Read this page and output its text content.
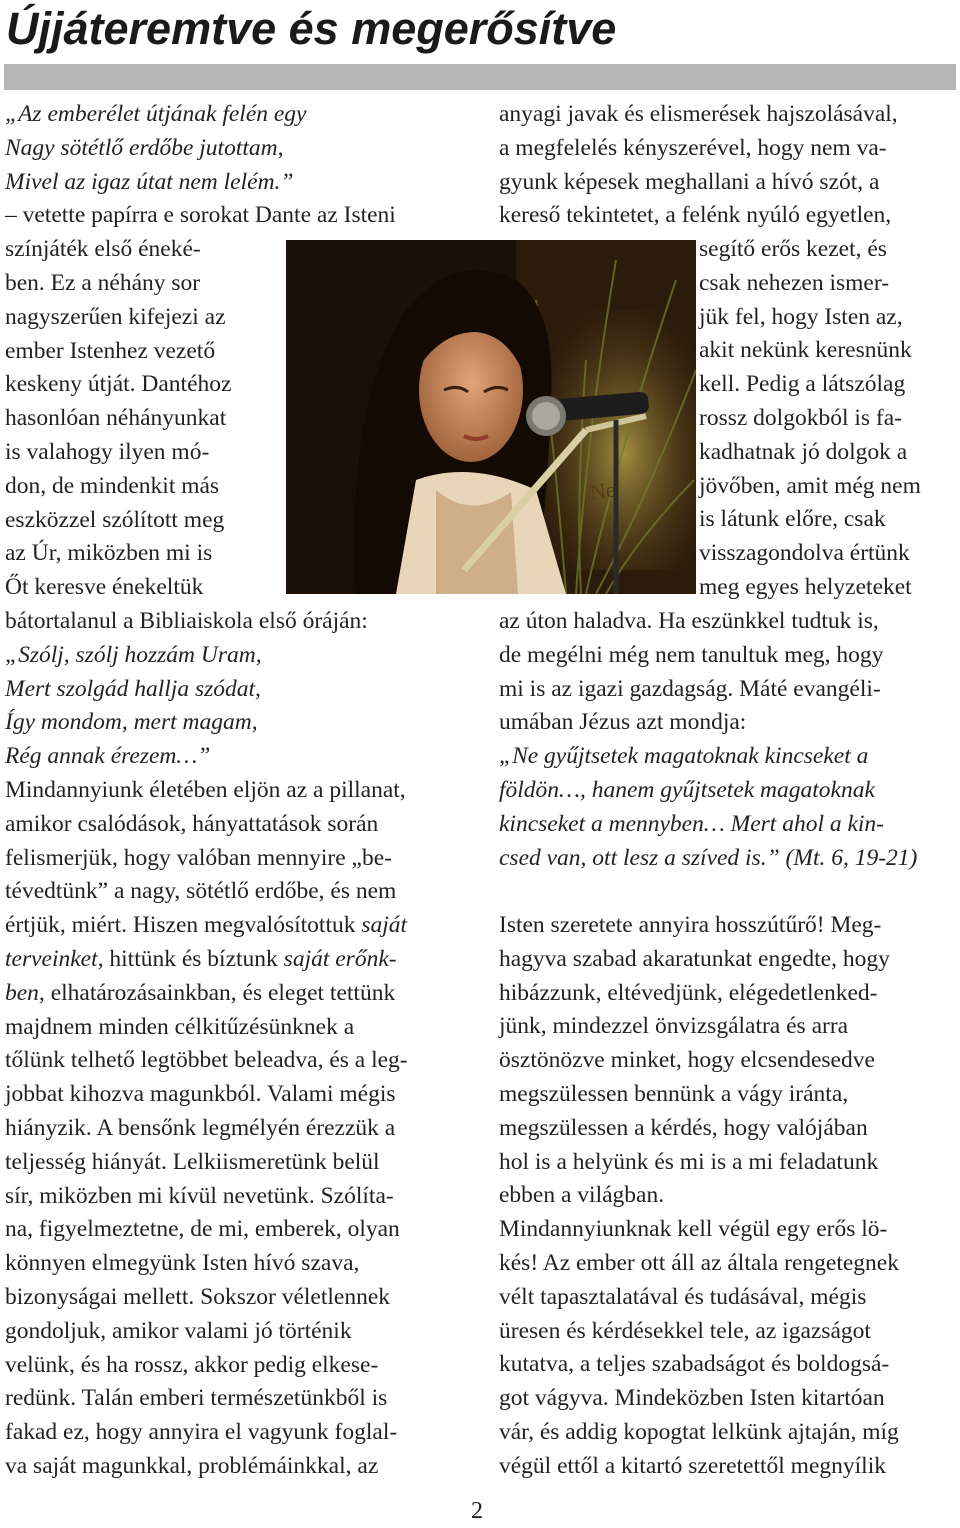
Újjáteremtve és megerősítve
„Az emberélet útjának felén egy
Nagy sötétlő erdőbe jutottam,
Mivel az igaz útat nem lelém.”
– vetette papírra e sorokat Dante az Isteni
színjáték első éneké-
ben. Ez a néhány sor
nagyszerűen kifejezi az
ember Istenhez vezető
keskeny útját. Dantéhoz
hasonlóan néhányunkat
is valahogy ilyen mó-
don, de mindenkit más
eszközzel szólított meg
az Úr, miközben mi is
Őt keresve énekeltük
bátortalanul a Bibliaiskola első óráján:
„Szólj, szólj hozzám Uram,
Mert szolgád hallja szódat,
Így mondom, mert magam,
Rég annak érezem…”
Mindannyiunk életében eljön az a pillanat,
amikor csalódások, hányattatások során
felismerjük, hogy valóban mennyire „be-
tévedtünk” a nagy, sötétlő erdőbe, és nem
értjük, miért. Hiszen megvalósítottuk saját
terveinket, hittünk és bíztunk saját erőnk-
ben, elhatározásainkban, és eleget tettünk
majdnem minden célkitűzésünknek a
tőlünk telhető legtöbbet beleadva, és a leg-
jobbat kihozva magunkból. Valami mégis
hiányzik. A bensőnk legmélyén érezzük a
teljesség hiányát. Lelkiismeretünk belül
sír, miközben mi kívül nevetünk. Szólíta-
na, figyelmeztetne, de mi, emberek, olyan
könnyen elmegyünk Isten hívó szava,
bizonyságai mellett. Sokszor véletlennek
gondoljuk, amikor valami jó történik
velünk, és ha rossz, akkor pedig elkese-
redünk. Talán emberi természetünkből is
fakad ez, hogy annyira el vagyunk foglal-
va saját magunkkal, problémáinkkal, az
anyagi javak és elismerések hajszolásával,
a megfelelés kényszerével, hogy nem va-
gyunk képesek meghallani a hívó szót, a
kereső tekintetet, a felénk nyúló egyetlen,
segítő erős kezet, és
csak nehezen ismer-
jük fel, hogy Isten az,
akit nekünk keresnünk
kell. Pedig a látszólag
rossz dolgokból is fa-
kadhatnak jó dolgok a
jövőben, amit még nem
is látunk előre, csak
visszagondolva értünk
meg egyes helyzeteket
az úton haladva. Ha eszünkkel tudtuk is,
de megélni még nem tanultuk meg, hogy
mi is az igazi gazdagság. Máté evangéli-
umában Jézus azt mondja:
„Ne gyűjtsetek magatoknak kincseket a
földön…, hanem gyűjtsetek magatoknak
kincseket a mennyben… Mert ahol a kin-
csed van, ott lesz a szíved is.” (Mt. 6, 19-21)
Isten szeretete annyira hosszútűrő! Meg-
hagyva szabad akaratunkat engedte, hogy
hibázzunk, eltévedjünk, elégedetlenked-
jünk, mindezzel önvizsgálatra és arra
ösztönözve minket, hogy elcsendesedve
megszülessen bennünk a vágy iránta,
megszülessen a kérdés, hogy valójában
hol is a helyünk és mi is a mi feladatunk
ebben a világban.
Mindannyiunknak kell végül egy erős lö-
kés! Az ember ott áll az általa rengetegnek
vélt tapasztalatával és tudásával, mégis
üresen és kérdésekkel tele, az igazságot
kutatva, a teljes szabadságot és boldogsá-
got vágyva. Mindeközben Isten kitartóan
vár, és addig kopogtat lelkünk ajtaján, míg
végül ettől a kitartó szeretettől megnyílik
Ne
2
